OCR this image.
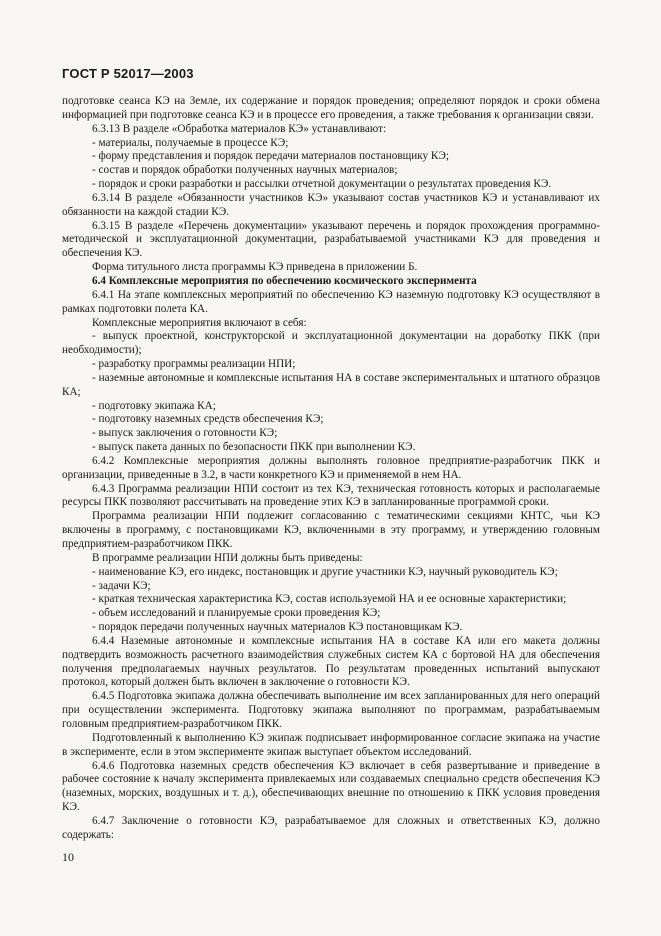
ГОСТ Р 52017—2003

подготовке сеанса КЭ на Земле, их содержание и порядок проведения; определяют порядок и сроки обмена информацией при подготовке сеанса КЭ и в процессе его проведения, а также требования к организации связи.

6.3.13 В разделе «Обработка материалов КЭ» устанавливают:

- материалы, получаемые в процессе КЭ;

- форму представления и порядок передачи материалов постановщику КЭ;

- состав и порядок обработки полученных научных материалов;

- порядок и сроки разработки и рассылки отчетной документации о результатах проведения КЭ.

6.3.14 В разделе «Обязанности участников КЭ» указывают состав участников КЭ и устанавливают их обязанности на каждой стадии КЭ.

6.3.15 В разделе «Перечень документации» указывают перечень и порядок прохождения программно-методической и эксплуатационной документации, разрабатываемой участниками КЭ для проведения и обеспечения КЭ.

Форма титульного листа программы КЭ приведена в приложении Б.

6.4 Комплексные мероприятия по обеспечению космического эксперимента

6.4.1 На этапе комплексных мероприятий по обеспечению КЭ наземную подготовку КЭ осуществляют в рамках подготовки полета КА.

Комплексные мероприятия включают в себя:

- выпуск проектной, конструкторской и эксплуатационной документации на доработку ПКК (при необходимости);

- разработку программы реализации НПИ;

- наземные автономные и комплексные испытания НА в составе экспериментальных и штатного образцов КА;

- подготовку экипажа КА;

- подготовку наземных средств обеспечения КЭ;

- выпуск заключения о готовности КЭ;

- выпуск пакета данных по безопасности ПКК при выполнении КЭ.

6.4.2 Комплексные мероприятия должны выполнять головное предприятие-разработчик ПКК и организации, приведенные в 3.2, в части конкретного КЭ и применяемой в нем НА.

6.4.3 Программа реализации НПИ состоит из тех КЭ, техническая готовность которых и располагаемые ресурсы ПКК позволяют рассчитывать на проведение этих КЭ в запланированные программой сроки.

Программа реализации НПИ подлежит согласованию с тематическими секциями КНТС, чьи КЭ включены в программу, с постановщиками КЭ, включенными в эту программу, и утверждению головным предприятием-разработчиком ПКК.

В программе реализации НПИ должны быть приведены:

- наименование КЭ, его индекс, постановщик и другие участники КЭ, научный руководитель КЭ;

- задачи КЭ;

- краткая техническая характеристика КЭ, состав используемой НА и ее основные характеристики;

- объем исследований и планируемые сроки проведения КЭ;

- порядок передачи полученных научных материалов КЭ постановщикам КЭ.

6.4.4 Наземные автономные и комплексные испытания НА в составе КА или его макета должны подтвердить возможность расчетного взаимодействия служебных систем КА с бортовой НА для обеспечения получения предполагаемых научных результатов. По результатам проведенных испытаний выпускают протокол, который должен быть включен в заключение о готовности КЭ.

6.4.5 Подготовка экипажа должна обеспечивать выполнение им всех запланированных для него операций при осуществлении эксперимента. Подготовку экипажа выполняют по программам, разрабатываемым головным предприятием-разработчиком ПКК.

Подготовленный к выполнению КЭ экипаж подписывает информированное согласие экипажа на участие в эксперименте, если в этом эксперименте экипаж выступает объектом исследований.

6.4.6 Подготовка наземных средств обеспечения КЭ включает в себя развертывание и приведение в рабочее состояние к началу эксперимента привлекаемых или создаваемых специально средств обеспечения КЭ (наземных, морских, воздушных и т. д.), обеспечивающих внешние по отношению к ПКК условия проведения КЭ.

6.4.7 Заключение о готовности КЭ, разрабатываемое для сложных и ответственных КЭ, должно содержать:

10
